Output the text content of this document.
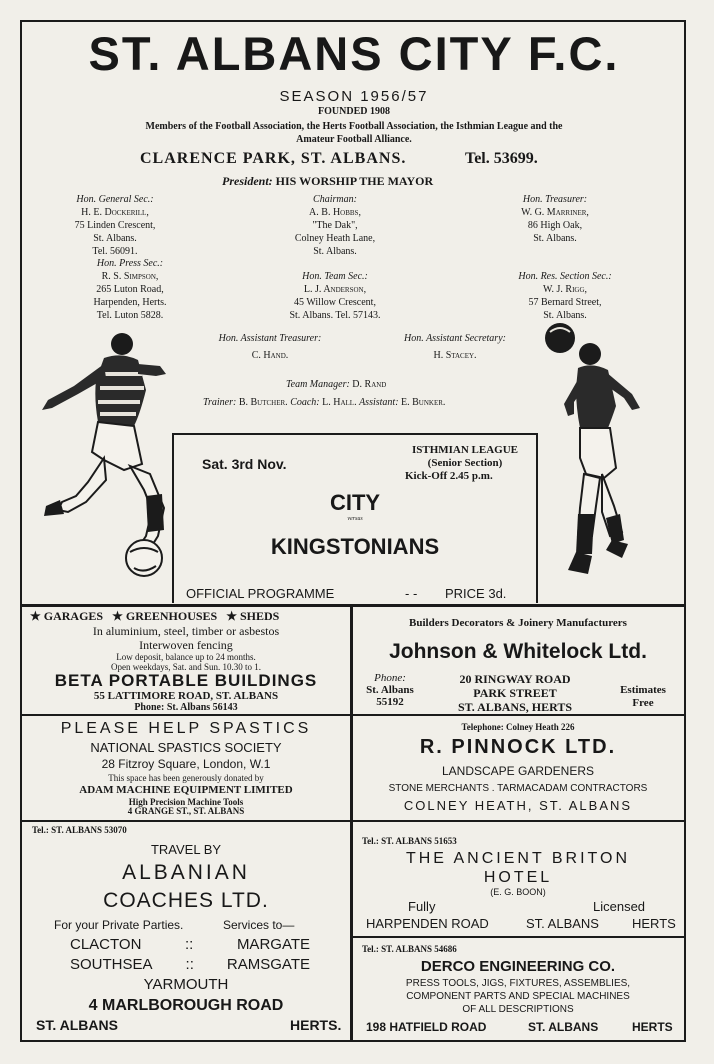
ST. ALBANS CITY F.C.
SEASON 1956/57
FOUNDED 1908
Members of the Football Association, the Herts Football Association, the Isthmian League and the
Amateur Football Alliance.
CLARENCE PARK, ST. ALBANS.	Tel. 53699.
President: HIS WORSHIP THE MAYOR
Hon. General Sec.:
H. E. Dockerill,
75 Linden Crescent,
St. Albans.
Tel. 56091.
Chairman:
A. B. Hobbs,
"The Dak",
Colney Heath Lane,
St. Albans.
Hon. Treasurer:
W. G. Marriner,
86 High Oak,
St. Albans.
Hon. Press Sec.:
R. S. Simpson,
265 Luton Road,
Harpenden, Herts.
Tel. Luton 5828.
Hon. Team Sec.:
L. J. Anderson,
45 Willow Crescent,
St. Albans. Tel. 57143.
Hon. Res. Section Sec.:
W. J. Rigg,
57 Bernard Street,
St. Albans.
Hon. Assistant Treasurer:
C. Hand.
Hon. Assistant Secretary:
H. Stacey.
Team Manager: D. Rand
Trainer: B. Butcher. Coach: L. Hall. Assistant: E. Bunker.
Sat. 3rd Nov.
ISTHMIAN LEAGUE
(Senior Section)
Kick-Off 2.45 p.m.
CITY
versus
KINGSTONIANS
OFFICIAL PROGRAMME	- - PRICE 3d.
★ GARAGES ★ GREENHOUSES ★ SHEDS
In aluminium, steel, timber or asbestos
Interwoven fencing
Low deposit, balance up to 24 months.
Open weekdays, Sat. and Sun. 10.30 to 1.
BETA PORTABLE BUILDINGS
55 LATTIMORE ROAD, ST. ALBANS
Phone: St. Albans 56143
Builders Decorators & Joinery Manufacturers
Johnson & Whitelock Ltd.
Phone:
St. Albans
55192
20 RINGWAY ROAD
PARK STREET
ST. ALBANS, HERTS
Estimates
Free
PLEASE HELP SPASTICS
NATIONAL SPASTICS SOCIETY
28 Fitzroy Square, London, W.1
This space has been generously donated by
ADAM MACHINE EQUIPMENT LIMITED
High Precision Machine Tools
4 GRANGE ST., ST. ALBANS
Telephone: Colney Heath 226
R. PINNOCK LTD.
LANDSCAPE GARDENERS
STONE MERCHANTS . TARMACADAM CONTRACTORS
COLNEY HEATH, ST. ALBANS
Tel.: ST. ALBANS 53070
TRAVEL BY
ALBANIAN
COACHES LTD.
For your Private Parties.	Services to—
CLACTON	::	MARGATE
SOUTHSEA :: RAMSGATE
YARMOUTH
4 MARLBOROUGH ROAD
ST. ALBANS	HERTS.
Tel.: ST. ALBANS 51653
THE ANCIENT BRITON
HOTEL
(E. G. BOON)
Fully	Licensed
HARPENDEN ROAD	ST. ALBANS	HERTS
Tel.: ST. ALBANS 54686
DERCO ENGINEERING CO.
PRESS TOOLS, JIGS, FIXTURES, ASSEMBLIES,
COMPONENT PARTS AND SPECIAL MACHINES
OF ALL DESCRIPTIONS
198 HATFIELD ROAD	ST. ALBANS	HERTS
